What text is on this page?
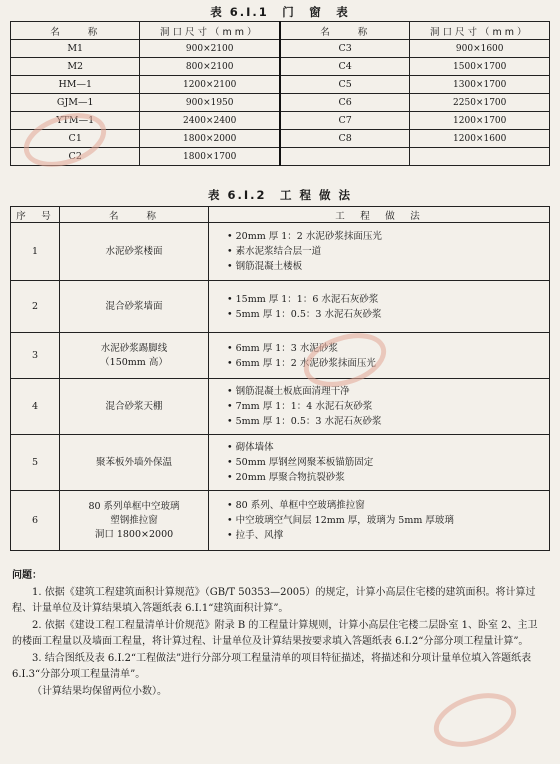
表 6.Ⅰ.1　门　窗　表
名　　称	洞口尺寸（mm）	名　　称	洞口尺寸（mm）
M1	900×2100	C3	900×1600
M2	800×2100	C4	1500×1700
HM—1	1200×2100	C5	1300×1700
GJM—1	900×1950	C6	2250×1700
YTM—1	2400×2400	C7	1200×1700
C1	1800×2000	C8	1200×1600
C2	1800×1700		
表 6.Ⅰ.2　工 程 做 法
序　号	名　　称	工　程　做　法
1	水泥砂浆楼面	• 20mm 厚 1：2 水泥砂浆抹面压光
• 素水泥浆结合层一道
• 钢筋混凝土楼板

2	混合砂浆墙面	• 15mm 厚 1：1：6 水泥石灰砂浆
• 5mm 厚 1：0.5：3 水泥石灰砂浆

3	水泥砂浆踢脚线
（150mm 高）	• 6mm 厚 1：3 水泥砂浆
• 6mm 厚 1：2 水泥砂浆抹面压光

4	混合砂浆天棚	• 钢筋混凝土板底面清理干净
• 7mm 厚 1：1：4 水泥石灰砂浆
• 5mm 厚 1：0.5：3 水泥石灰砂浆

5	聚苯板外墙外保温	• 砌体墙体
• 50mm 厚钢丝网聚苯板锚筋固定
• 20mm 厚聚合物抗裂砂浆

6	80 系列单框中空玻璃
塑钢推拉窗
洞口 1800×2000	• 80 系列、单框中空玻璃推拉窗
• 中空玻璃空气间层 12mm 厚，玻璃为 5mm 厚玻璃
• 拉手、风撑

问题：

1. 依据《建筑工程建筑面积计算规范》（GB/T 50353—2005）的规定，计算小高层住宅楼的建筑面积。将计算过程、计量单位及计算结果填入答题纸表 6.Ⅰ.1“建筑面积计算”。

2. 依据《建设工程工程量清单计价规范》附录 B 的工程量计算规则，计算小高层住宅楼二层卧室 1、卧室 2、主卫的楼面工程量以及墙面工程量，将计算过程、计量单位及计算结果按要求填入答题纸表 6.Ⅰ.2“分部分项工程量计算”。

3. 结合图纸及表 6.Ⅰ.2“工程做法”进行分部分项工程量清单的项目特征描述，将描述和分项计量单位填入答题纸表 6.Ⅰ.3“分部分项工程量清单”。

（计算结果均保留两位小数）。
